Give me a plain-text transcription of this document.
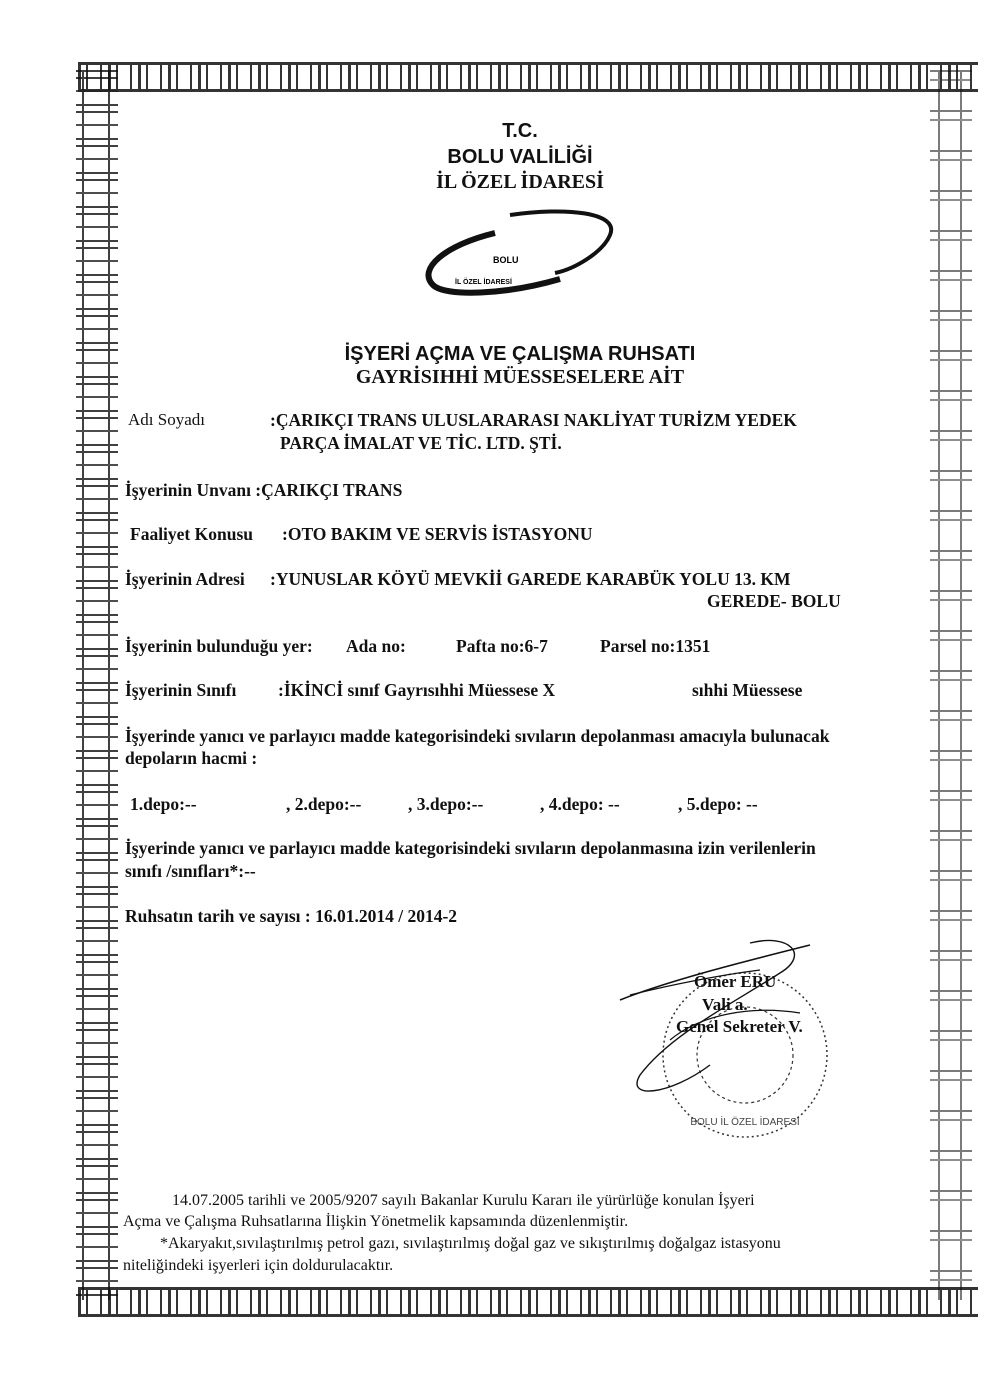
T.C.
BOLU VALİLİĞİ
İL ÖZEL İDARESİ
BOLU
İL ÖZEL İDARESİ
İŞYERİ AÇMA VE ÇALIŞMA RUHSATI
GAYRİSIHHİ MÜESSESELERE AİT
Adı Soyadı	:ÇARIKÇI TRANS ULUSLARARASI NAKLİYAT TURİZM YEDEK
PARÇA İMALAT VE TİC. LTD. ŞTİ.
İşyerinin Unvanı :ÇARIKÇI TRANS
Faaliyet Konusu :OTO BAKIM VE SERVİS İSTASYONU
İşyerinin Adresi :YUNUSLAR KÖYÜ MEVKİİ GAREDE KARABÜK YOLU 13. KM
GEREDE- BOLU
İşyerinin bulunduğu yer: Ada no:	Pafta no:6-7	Parsel no:1351
İşyerinin Sınıfı :İKİNCİ sınıf Gayrısıhhi Müessese X	sıhhi Müessese
İşyerinde yanıcı ve parlayıcı madde kategorisindeki sıvıların depolanması amacıyla bulunacak
depoların hacmi :
1.depo:--	, 2.depo:--	, 3.depo:--	, 4.depo: --	, 5.depo: --
İşyerinde yanıcı ve parlayıcı madde kategorisindeki sıvıların depolanmasına izin verilenlerin
sınıfı /sınıfları*:--
Ruhsatın tarih ve sayısı : 16.01.2014 / 2014-2
BOLU İL ÖZEL İDARESİ
Ömer ERU
Vali a.
Genel Sekreter V.
14.07.2005 tarihli ve 2005/9207 sayılı Bakanlar Kurulu Kararı ile yürürlüğe konulan İşyeri
Açma ve Çalışma Ruhsatlarına İlişkin Yönetmelik kapsamında düzenlenmiştir.
*Akaryakıt,sıvılaştırılmış petrol gazı, sıvılaştırılmış doğal gaz ve sıkıştırılmış doğalgaz istasyonu
niteliğindeki işyerleri için doldurulacaktır.
